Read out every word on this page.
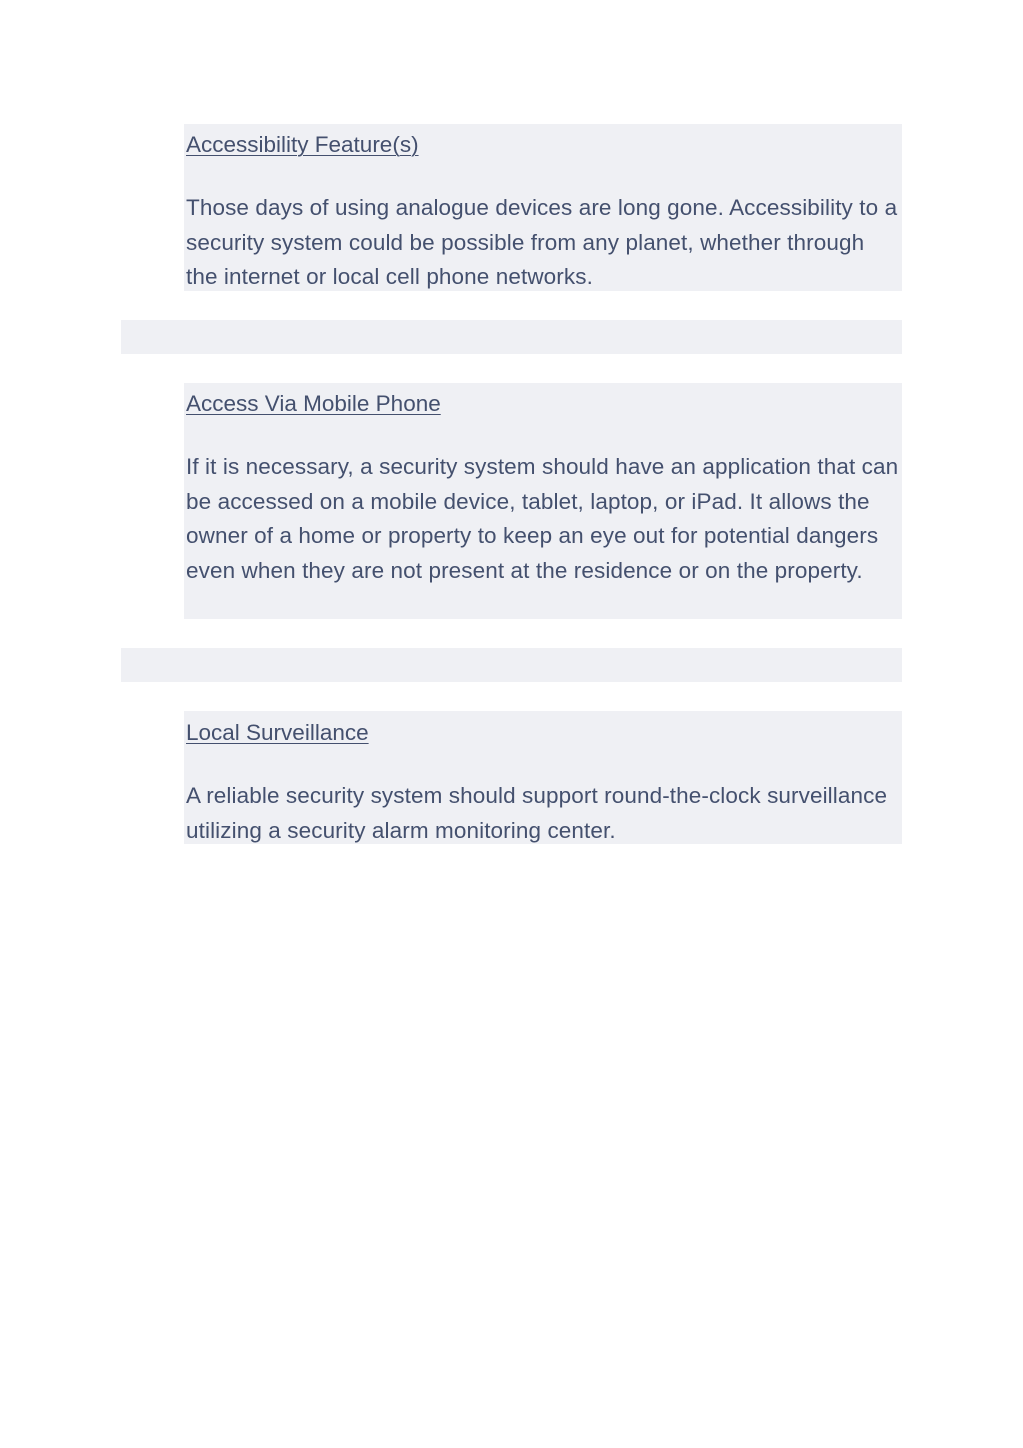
Accessibility Feature(s)

Those days of using analogue devices are long gone. Accessibility to a security system could be possible from any planet, whether through the internet or local cell phone networks.

Access Via Mobile Phone

If it is necessary, a security system should have an application that can be accessed on a mobile device, tablet, laptop, or iPad. It allows the owner of a home or property to keep an eye out for potential dangers even when they are not present at the residence or on the property.

Local Surveillance

A reliable security system should support round-the-clock surveillance utilizing a security alarm monitoring center.
